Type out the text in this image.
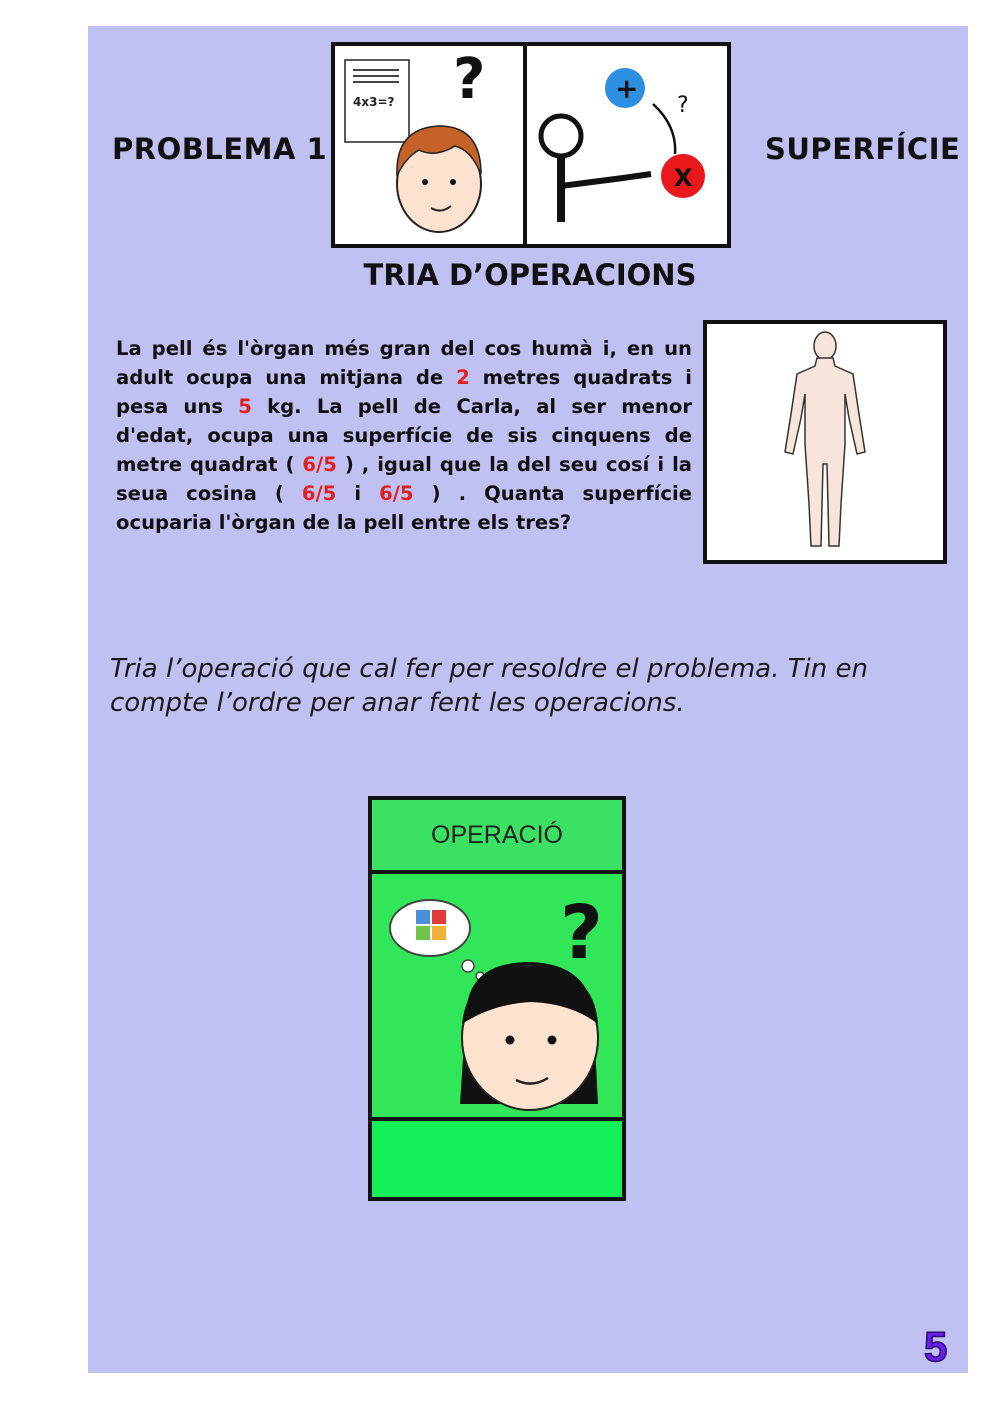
PROBLEMA 1	SUPERFÍCIE
4x3=? ?	+
?
X
TRIA D’OPERACIONS
La pell és l'òrgan més gran del cos humà i, en un adult ocupa una mitjana de 2 metres quadrats i pesa uns 5 kg. La pell de Carla, al ser menor d'edat, ocupa una superfície de sis cinquens de metre quadrat ( 6/5 ) , igual que la del seu cosí i la seua cosina ( 6/5 i 6/5 ) . Quanta superfície ocuparia l'òrgan de la pell entre els tres?
Tria l’operació que cal fer per resoldre el problema. Tin en compte l’ordre per anar fent les operacions.
OPERACIÓ
?
5
